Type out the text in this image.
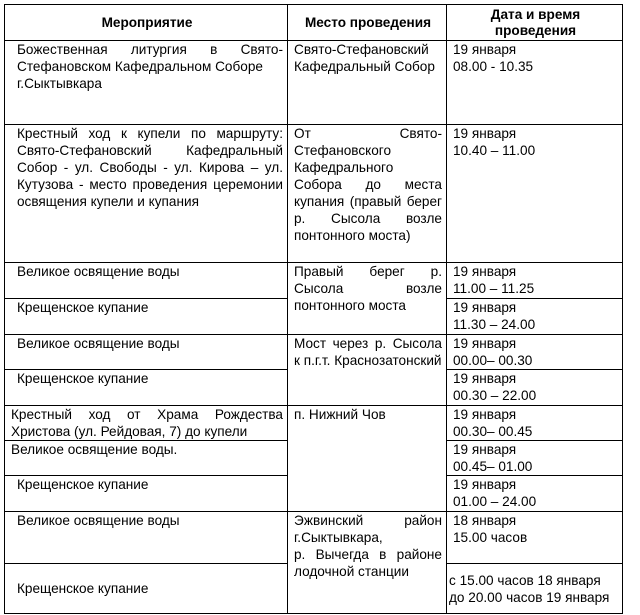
Мероприятие	Место проведения	Дата и время
проведения
Божественная литургия в Свято-Стефановском Кафедральном Соборе
г.Сыктывкара	Свято-Стефановский Кафедральный Собор	19 января
08.00 - 10.35
Крестный ход к купели по маршруту: Свято-Стефановский Кафедральный Собор - ул. Свободы - ул. Кирова – ул. Кутузова - место проведения церемонии освящения купели и купания	От Свято-Стефановского Кафедрального Собора до места купания (правый берег р. Сысола возле понтонного моста)	19 января
10.40 – 11.00
Великое освящение воды	Правый берег р. Сысола возле понтонного моста	19 января
11.00 – 11.25
Крещенское купание		19 января
11.30 – 24.00
Великое освящение воды	Мост через р. Сысола к п.г.т. Краснозатонский	19 января
00.00– 00.30
Крещенское купание		19 января
00.30 – 22.00
Крестный ход от Храма Рождества Христова (ул. Рейдовая, 7) до купели	п. Нижний Чов	19 января
00.30– 00.45
Великое освящение воды.		19 января
00.45– 01.00
Крещенское купание		19 января
01.00 – 24.00
Великое освящение воды	Эжвинский район г.Сыктывкара,
р. Вычегда в районе лодочной станции	18 января
15.00 часов
Крещенское купание		с 15.00 часов 18 января до 20.00 часов 19 января
